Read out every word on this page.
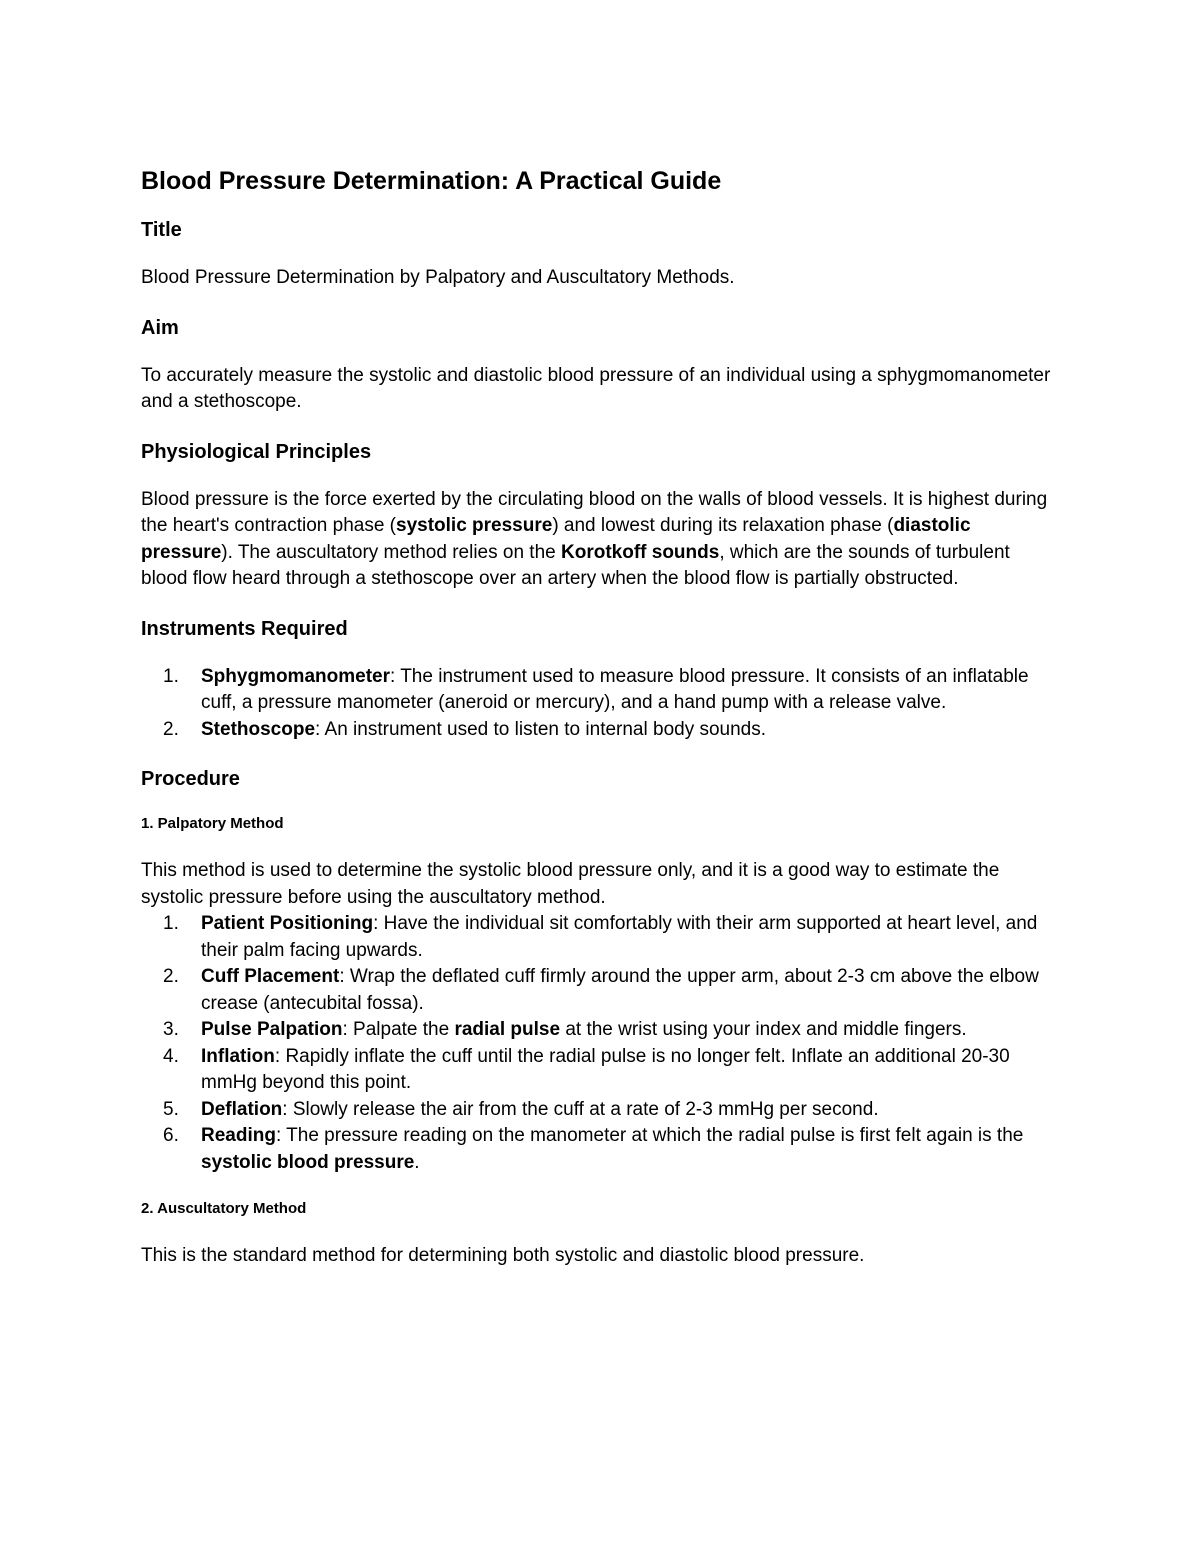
Blood Pressure Determination: A Practical Guide
Title
Blood Pressure Determination by Palpatory and Auscultatory Methods.
Aim
To accurately measure the systolic and diastolic blood pressure of an individual using a sphygmomanometer and a stethoscope.
Physiological Principles
Blood pressure is the force exerted by the circulating blood on the walls of blood vessels. It is highest during the heart's contraction phase (systolic pressure) and lowest during its relaxation phase (diastolic pressure). The auscultatory method relies on the Korotkoff sounds, which are the sounds of turbulent blood flow heard through a stethoscope over an artery when the blood flow is partially obstructed.
Instruments Required
1. Sphygmomanometer: The instrument used to measure blood pressure. It consists of an inflatable cuff, a pressure manometer (aneroid or mercury), and a hand pump with a release valve.
2. Stethoscope: An instrument used to listen to internal body sounds.
Procedure
1. Palpatory Method
This method is used to determine the systolic blood pressure only, and it is a good way to estimate the systolic pressure before using the auscultatory method.
1. Patient Positioning: Have the individual sit comfortably with their arm supported at heart level, and their palm facing upwards.
2. Cuff Placement: Wrap the deflated cuff firmly around the upper arm, about 2-3 cm above the elbow crease (antecubital fossa).
3. Pulse Palpation: Palpate the radial pulse at the wrist using your index and middle fingers.
4. Inflation: Rapidly inflate the cuff until the radial pulse is no longer felt. Inflate an additional 20-30 mmHg beyond this point.
5. Deflation: Slowly release the air from the cuff at a rate of 2-3 mmHg per second.
6. Reading: The pressure reading on the manometer at which the radial pulse is first felt again is the systolic blood pressure.
2. Auscultatory Method
This is the standard method for determining both systolic and diastolic blood pressure.
